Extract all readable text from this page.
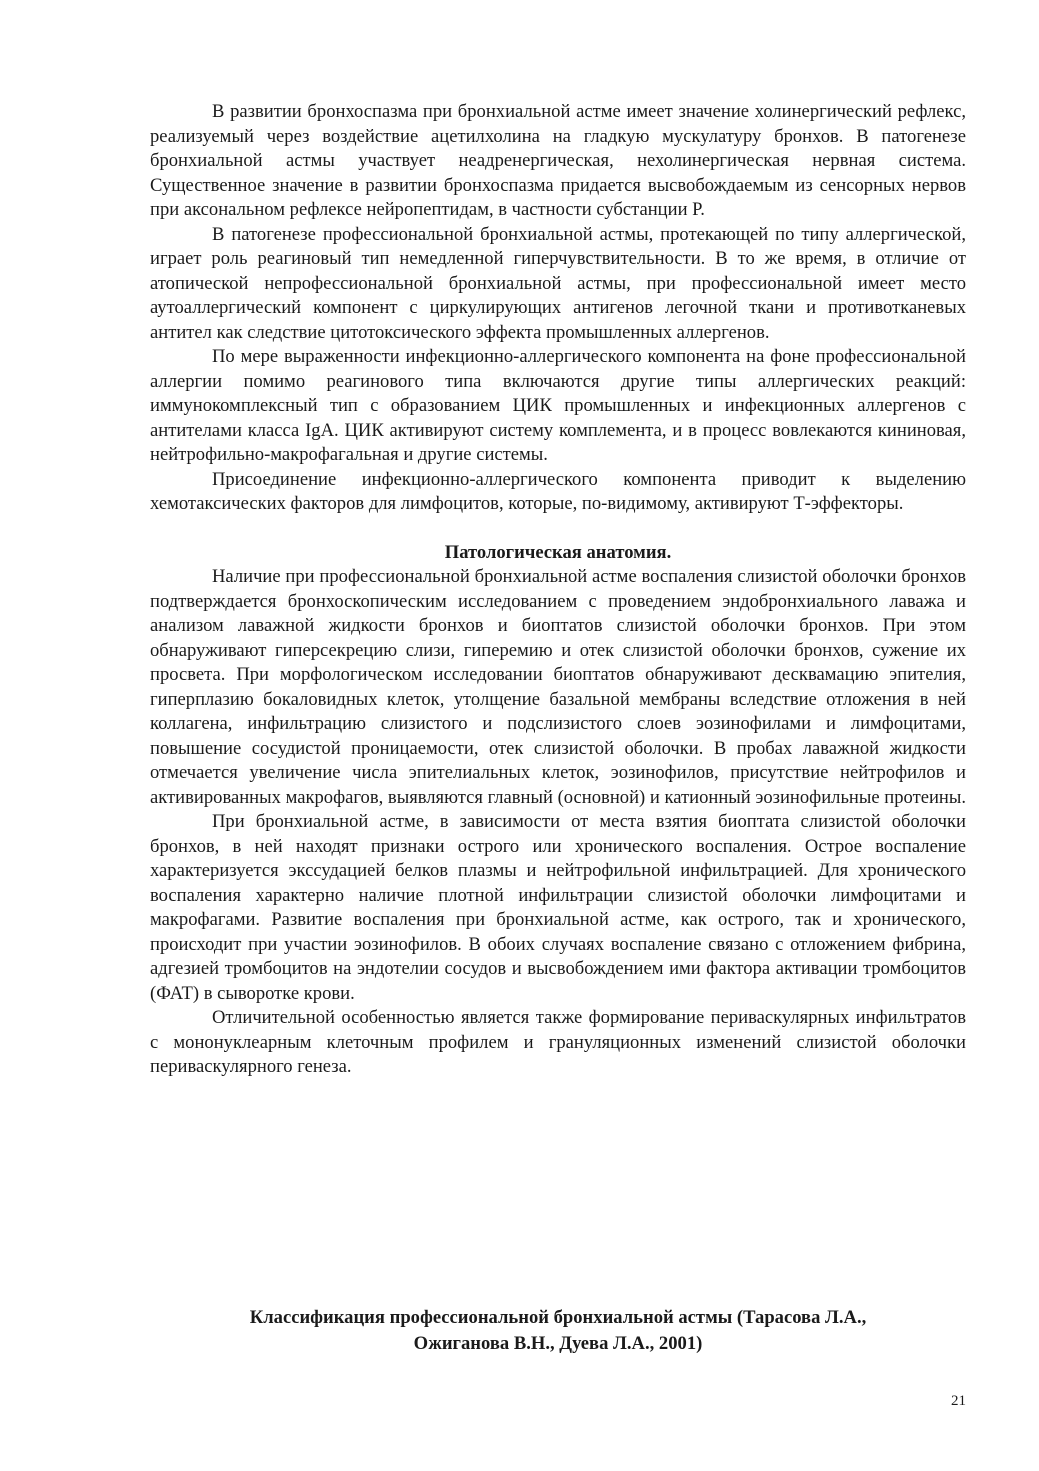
В развитии бронхоспазма при бронхиальной астме имеет значение холинергический рефлекс, реализуемый через воздействие ацетилхолина на гладкую мускулатуру бронхов. В патогенезе бронхиальной астмы участвует неадренергическая, нехолинергическая нервная система. Существенное значение в развитии бронхоспазма придается высвобождаемым из сенсорных нервов при аксональном рефлексе нейропептидам, в частности субстанции Р.

В патогенезе профессиональной бронхиальной астмы, протекающей по типу аллергической, играет роль реагиновый тип немедленной гиперчувствительности. В то же время, в отличие от атопической непрофессиональной бронхиальной астмы, при профессиональной имеет место аутоаллергический компонент с циркулирующих антигенов легочной ткани и противотканевых антител как следствие цитотоксического эффекта промышленных аллергенов.

По мере выраженности инфекционно-аллергического компонента на фоне профессиональной аллергии помимо реагинового типа включаются другие типы аллергических реакций: иммунокомплексный тип с образованием ЦИК промышленных и инфекционных аллергенов с антителами класса IgA. ЦИК активируют систему комплемента, и в процесс вовлекаются кининовая, нейтрофильно-макрофагальная и другие системы.

Присоединение инфекционно-аллергического компонента приводит к выделению хемотаксических факторов для лимфоцитов, которые, по-видимому, активируют Т-эффекторы.

Патологическая анатомия.

Наличие при профессиональной бронхиальной астме воспаления слизистой оболочки бронхов подтверждается бронхоскопическим исследованием с проведением эндобронхиального лаважа и анализом лаважной жидкости бронхов и биоптатов слизистой оболочки бронхов. При этом обнаруживают гиперсекрецию слизи, гиперемию и отек слизистой оболочки бронхов, сужение их просвета. При морфологическом исследовании биоптатов обнаруживают десквамацию эпителия, гиперплазию бокаловидных клеток, утолщение базальной мембраны вследствие отложения в ней коллагена, инфильтрацию слизистого и подслизистого слоев эозинофилами и лимфоцитами, повышение сосудистой проницаемости, отек слизистой оболочки. В пробах лаважной жидкости отмечается увеличение числа эпителиальных клеток, эозинофилов, присутствие нейтрофилов и активированных макрофагов, выявляются главный (основной) и катионный эозинофильные протеины.

При бронхиальной астме, в зависимости от места взятия биоптата слизистой оболочки бронхов, в ней находят признаки острого или хронического воспаления. Острое воспаление характеризуется экссудацией белков плазмы и нейтрофильной инфильтрацией. Для хронического воспаления характерно наличие плотной инфильтрации слизистой оболочки лимфоцитами и макрофагами. Развитие воспаления при бронхиальной астме, как острого, так и хронического, происходит при участии эозинофилов. В обоих случаях воспаление связано с отложением фибрина, адгезией тромбоцитов на эндотелии сосудов и высвобождением ими фактора активации тромбоцитов (ФАТ) в сыворотке крови.

Отличительной особенностью является также формирование периваскулярных инфильтратов с мононуклеарным клеточным профилем и грануляционных изменений слизистой оболочки периваскулярного генеза.

Классификация профессиональной бронхиальной астмы (Тарасова Л.А.,
Ожиганова В.Н., Дуева Л.А., 2001)
21
